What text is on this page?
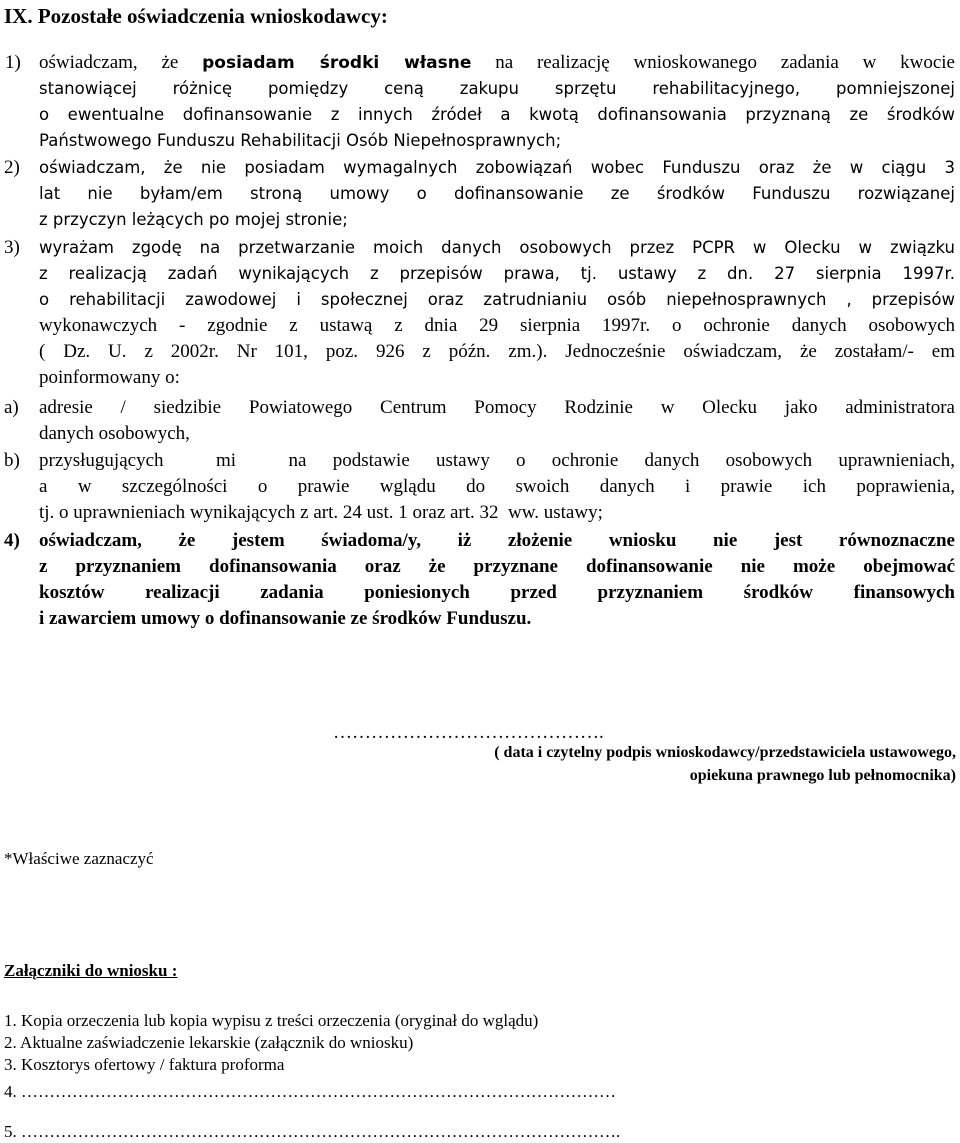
IX. Pozostałe oświadczenia wnioskodawcy:
1) oświadczam, że posiadam środki własne na realizację wnioskowanego zadania w kwocie
stanowiącej różnicę pomiędzy ceną zakupu sprzętu rehabilitacyjnego, pomniejszonej
o ewentualne dofinansowanie z innych źródeł a kwotą dofinansowania przyznaną ze środków
Państwowego Funduszu Rehabilitacji Osób Niepełnosprawnych;
2) oświadczam, że nie posiadam wymagalnych zobowiązań wobec Funduszu oraz że w ciągu 3
lat nie byłam/em stroną umowy o dofinansowanie ze środków Funduszu rozwiązanej
z przyczyn leżących po mojej stronie;
3) wyrażam zgodę na przetwarzanie moich danych osobowych przez PCPR w Olecku w związku
z realizacją zadań wynikających z przepisów prawa, tj. ustawy z dn. 27 sierpnia 1997r.
o rehabilitacji zawodowej i społecznej oraz zatrudnianiu osób niepełnosprawnych , przepisów
wykonawczych - zgodnie z ustawą z dnia 29 sierpnia 1997r. o ochronie danych osobowych
( Dz. U. z 2002r. Nr 101, poz. 926 z późn. zm.). Jednocześnie oświadczam, że zostałam/- em
poinformowany o:
a) adresie / siedzibie Powiatowego Centrum Pomocy Rodzinie w Olecku jako administratora
danych osobowych,
b) przysługujących  mi  na podstawie ustawy o ochronie danych osobowych uprawnieniach,
a w szczególności o prawie wglądu do swoich danych i prawie ich poprawienia,
tj. o uprawnieniach wynikających z art. 24 ust. 1 oraz art. 32  ww. ustawy;
4) oświadczam, że jestem świadoma/y, iż złożenie wniosku nie jest równoznaczne
z przyznaniem dofinansowania oraz że przyznane dofinansowanie nie może obejmować
kosztów realizacji zadania poniesionych przed przyznaniem środków finansowych
i zawarciem umowy o dofinansowanie ze środków Funduszu.
…………………………………….
( data i czytelny podpis wnioskodawcy/przedstawiciela ustawowego,
opiekuna prawnego lub pełnomocnika)
*Właściwe zaznaczyć
Załączniki do wniosku :
1. Kopia orzeczenia lub kopia wypisu z treści orzeczenia (oryginał do wglądu)
2. Aktualne zaświadczenie lekarskie (załącznik do wniosku)
3. Kosztorys ofertowy / faktura proforma
4. ……………………………………………………………………………………………
5. …………………………………………………………………………………………….
